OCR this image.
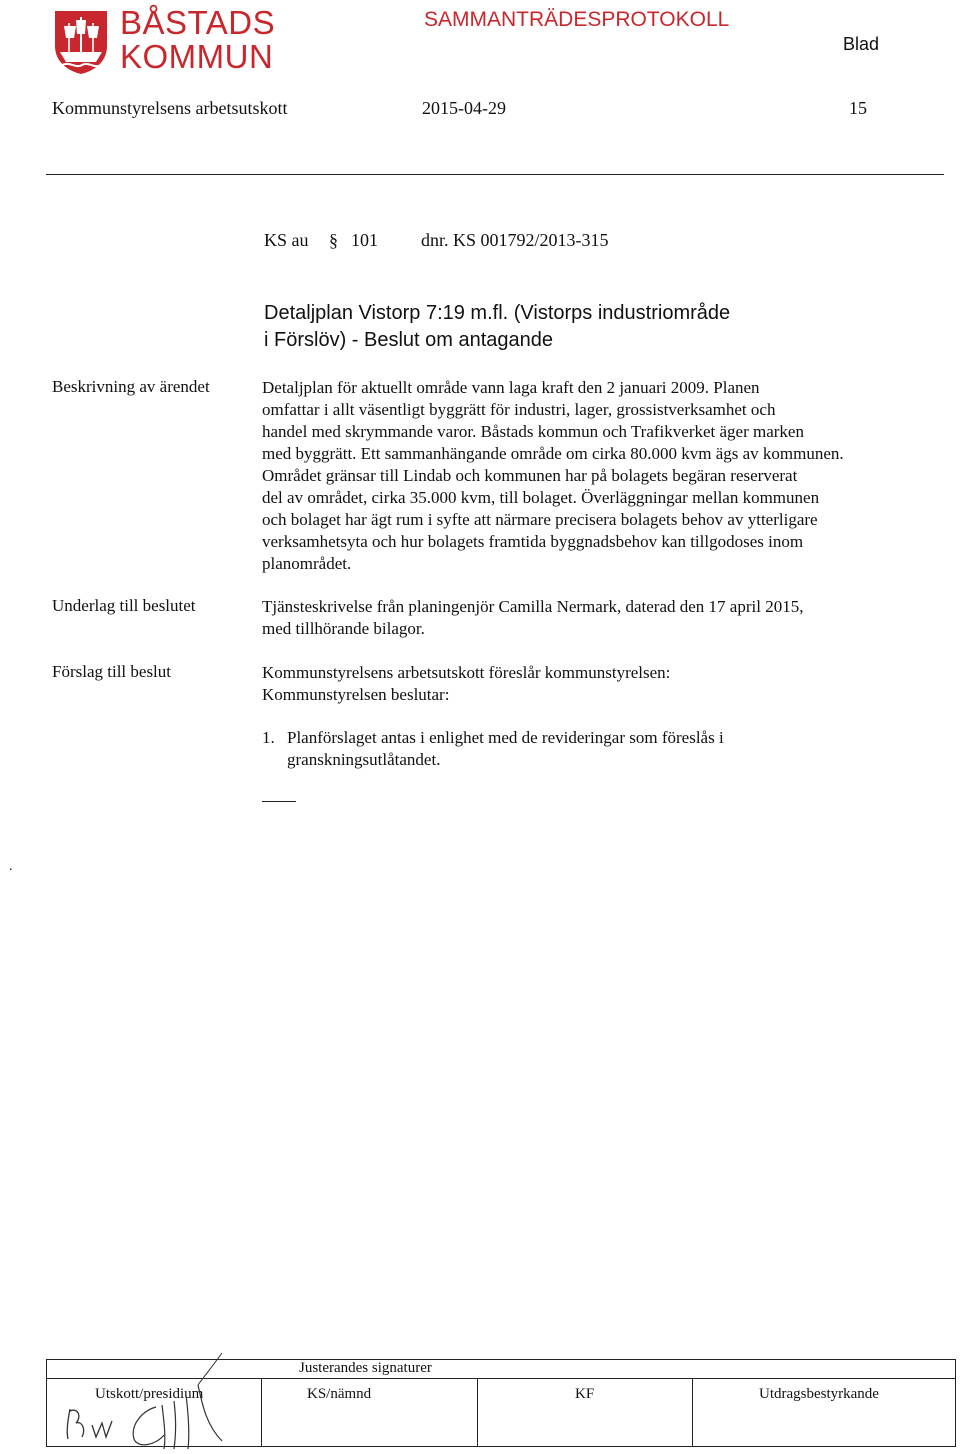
BÅSTADS
KOMMUN
SAMMANTRÄDESPROTOKOLL
Blad
Kommunstyrelsens arbetsutskott	2015-04-29	15
KS au § 101 dnr. KS 001792/2013-315
Detaljplan Vistorp 7:19 m.fl. (Vistorps industriområde
i Förslöv) - Beslut om antagande
Beskrivning av ärendet	Detaljplan för aktuellt område vann laga kraft den 2 januari 2009. Planen

omfattar i allt väsentligt byggrätt för industri, lager, grossistverksamhet och

handel med skrymmande varor. Båstads kommun och Trafikverket äger marken

med byggrätt. Ett sammanhängande område om cirka 80.000 kvm ägs av kommunen.

Området gränsar till Lindab och kommunen har på bolagets begäran reserverat

del av området, cirka 35.000 kvm, till bolaget. Överläggningar mellan kommunen

och bolaget har ägt rum i syfte att närmare precisera bolagets behov av ytterligare

verksamhetsyta och hur bolagets framtida byggnadsbehov kan tillgodoses inom

planområdet.

Underlag till beslutet	Tjänsteskrivelse från planingenjör Camilla Nermark, daterad den 17 april 2015,

med tillhörande bilagor.

Förslag till beslut	Kommunstyrelsens arbetsutskott föreslår kommunstyrelsen:

Kommunstyrelsen beslutar:

1. Planförslaget antas i enlighet med de revideringar som föreslås i
granskningsutlåtandet.
.
Justerandes signaturer
Utskott/presidium	KS/nämnd	KF	Utdragsbestyrkande
